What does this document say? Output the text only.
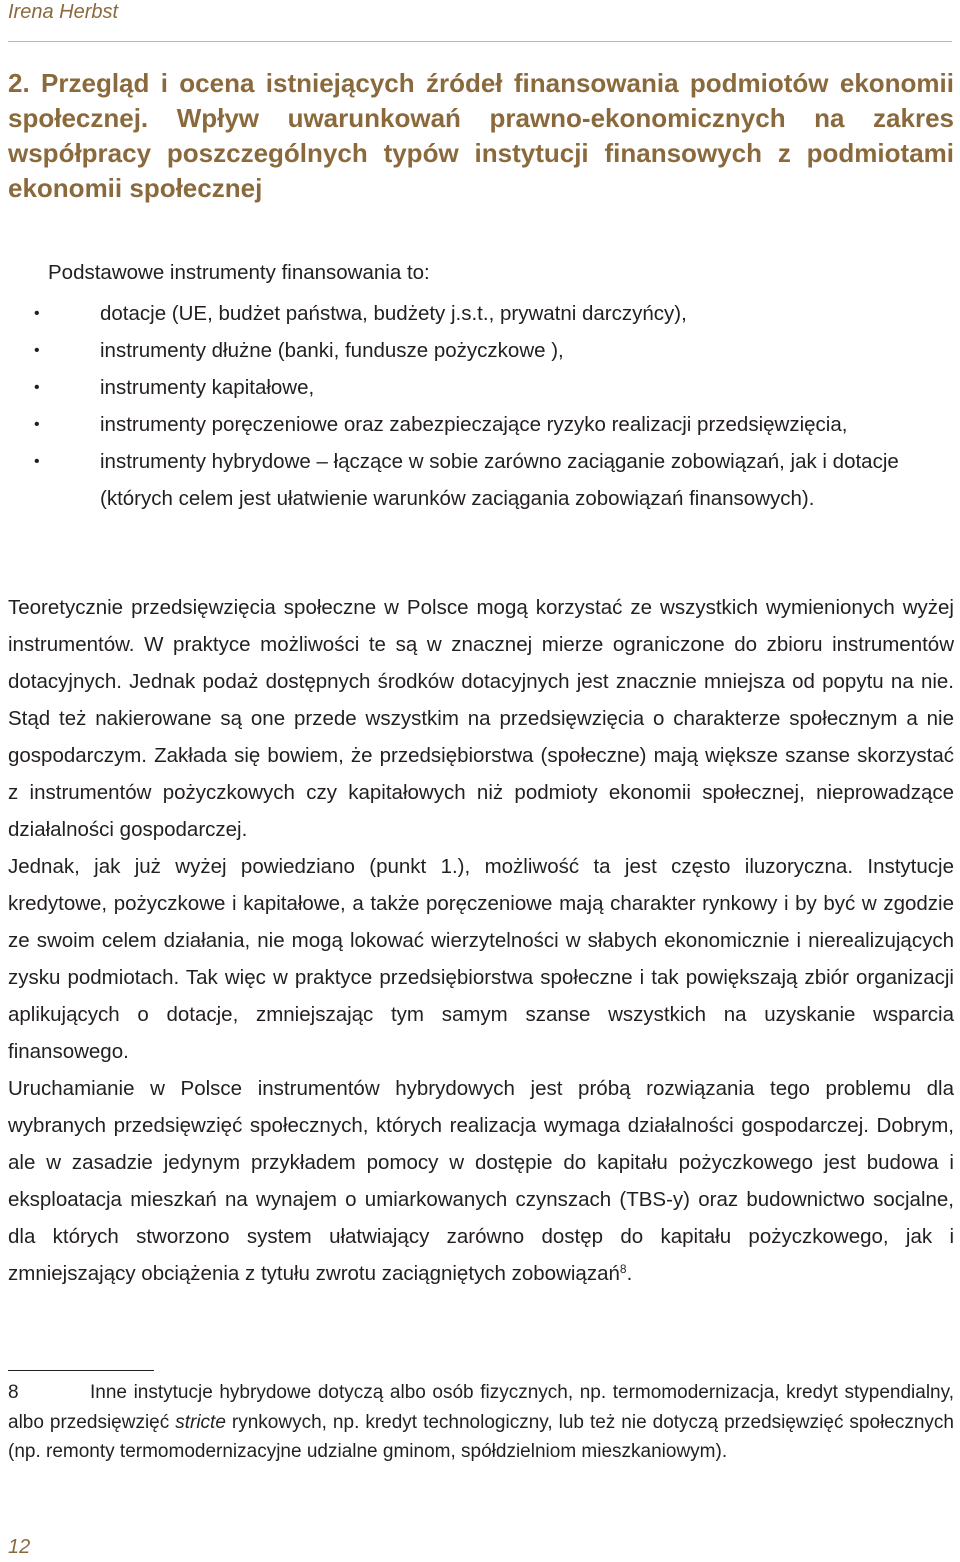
Irena Herbst
2. Przegląd i ocena istniejących źródeł finansowania podmiotów ekonomii społecznej. Wpływ uwarunkowań prawno-ekonomicznych na zakres współpracy poszczególnych typów instytucji finansowych z podmiotami ekonomii społecznej

Podstawowe instrumenty finansowania to:

•	dotacje (UE, budżet państwa, budżety j.s.t., prywatni darczyńcy),
•	instrumenty dłużne (banki, fundusze pożyczkowe ),
•	instrumenty kapitałowe,
•	instrumenty poręczeniowe oraz zabezpieczające ryzyko realizacji przedsięwzięcia,
•	instrumenty hybrydowe – łączące w sobie zarówno zaciąganie zobowiązań, jak i dotacje (których celem jest ułatwienie warunków zaciągania zobowiązań finansowych).

Teoretycznie przedsięwzięcia społeczne w Polsce mogą korzystać ze wszystkich wymienionych wyżej instrumentów. W praktyce możliwości te są w znacznej mierze ograniczone do zbioru instrumentów dotacyjnych. Jednak podaż dostępnych środków dotacyjnych jest znacznie mniejsza od popytu na nie. Stąd też nakierowane są one przede wszystkim na przedsięwzięcia o charakterze społecznym a nie gospodarczym. Zakłada się bowiem, że przedsiębiorstwa (społeczne) mają większe szanse skorzystać z instrumentów pożyczkowych czy kapitałowych niż podmioty ekonomii społecznej, nieprowadzące działalności gospodarczej.

Jednak, jak już wyżej powiedziano (punkt 1.), możliwość ta jest często iluzoryczna. Instytucje kredytowe, pożyczkowe i kapitałowe, a także poręczeniowe mają charakter rynkowy i by być w zgodzie ze swoim celem działania, nie mogą lokować wierzytelności w słabych ekonomicznie i nierealizujących zysku podmiotach. Tak więc w praktyce przedsiębiorstwa społeczne i tak powiększają zbiór organizacji aplikujących o dotacje, zmniejszając tym samym szanse wszystkich na uzyskanie wsparcia finansowego.

Uruchamianie w Polsce instrumentów hybrydowych jest próbą rozwiązania tego problemu dla wybranych przedsięwzięć społecznych, których realizacja wymaga działalności gospodarczej. Dobrym, ale w zasadzie jedynym przykładem pomocy w dostępie do kapitału pożyczkowego jest budowa i eksploatacja mieszkań na wynajem o umiarkowanych czynszach (TBS-y) oraz budownictwo socjalne, dla których stworzono system ułatwiający zarówno dostęp do kapitału pożyczkowego, jak i zmniejszający obciążenia z tytułu zwrotu zaciągniętych zobowiązań$^8$.

8	Inne instytucje hybrydowe dotyczą albo osób fizycznych, np. termomodernizacja, kredyt stypendialny, albo przedsięwzięć stricte rynkowych, np. kredyt technologiczny, lub też nie dotyczą przedsięwzięć społecznych (np. remonty termomodernizacyjne udzialne gminom, spółdzielniom mieszkaniowym).

12
